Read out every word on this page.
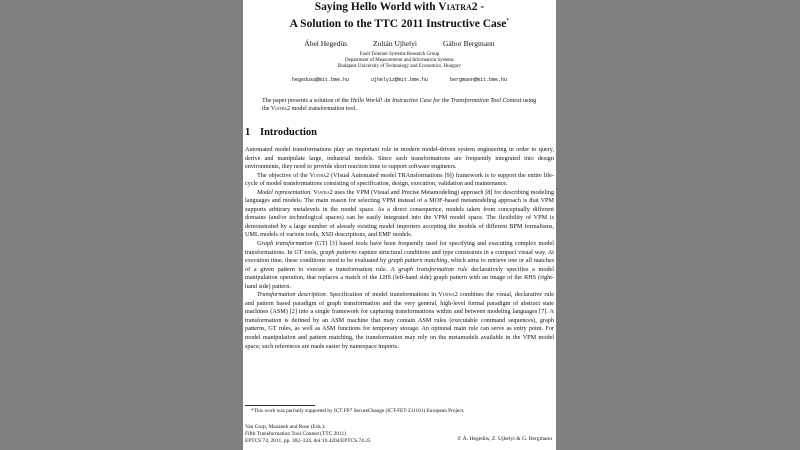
Saying Hello World with Viatra2 -
A Solution to the TTC 2011 Instructive Case*
Ábel Hegedüs	Zoltán Ujhelyi	Gábor Bergmann
Fault Tolerant Systems Research Group
Department of Measurement and Information Systems
Budapest University of Technology and Economics, Hungary
hegedusa@mit.bme.hu	ujhelyiz@mit.bme.hu	bergmann@mit.bme.hu
The paper presents a solution of the Hello World! An Instructive Case for the Transformation Tool Context using the Viatra2 model transformation tool.
1 Introduction

Automated model transformations play an important role in modern model-driven system engineering in order to query, derive and manipulate large, industrial models. Since such transformations are frequently integrated into design environments, they need to provide short reaction time to support software engineers.

The objective of the Viatra2 (VIsual Automated model TRAnsformations [9]) framework is to support the entire life-cycle of model transformations consisting of specification, design, execution, validation and maintenance.

Model representation. Viatra2 uses the VPM (Visual and Precise Metamodeling) approach [8] for describing modeling languages and models. The main reason for selecting VPM instead of a MOF-based metamodeling approach is that VPM supports arbitrary metalevels in the model space. As a direct consequence, models taken from conceptually different domains (and/or technological spaces) can be easily integrated into the VPM model space. The flexibility of VPM is demonstrated by a large number of already existing model importers accepting the models of different BPM formalisms, UML models of various tools, XSD descriptions, and EMF models.

Graph transformation (GT) [3] based tools have been frequently used for specifying and executing complex model transformations. In GT tools, graph patterns capture structural conditions and type constraints in a compact visual way. At execution time, these conditions need to be evaluated by graph pattern matching, which aims to retrieve one or all matches of a given pattern to execute a transformation rule. A graph transformation rule declaratively specifies a model manipulation operation, that replaces a match of the LHS (left-hand side) graph pattern with an image of the RHS (right-hand side) pattern.

Transformation description. Specification of model transformations in Viatra2 combines the visual, declarative rule and pattern based paradigm of graph transformation and the very general, high-level formal paradigm of abstract state machines (ASM) [2] into a single framework for capturing transformations within and between modeling languages [7]. A transformation is defined by an ASM machine that may contain ASM rules (executable command sequences), graph patterns, GT rules, as well as ASM functions for temporary storage. An optional main rule can serve as entry point. For model manipulation and pattern matching, the transformation may rely on the metamodels available in the VPM model space; such references are made easier by namespace imports.

*This work was partially supported by ICT FP7 SecureChange (ICT-FET-231101) European Project.
Van Gorp, Mazanek and Rose (Eds.):
Fifth Transformation Tool Contest (TTC 2011)
EPTCS 74, 2011, pp. 302–324, doi:10.4204/EPTCS.74.25	© Á. Hegedüs, Z. Ujhelyi & G. Bergmann
